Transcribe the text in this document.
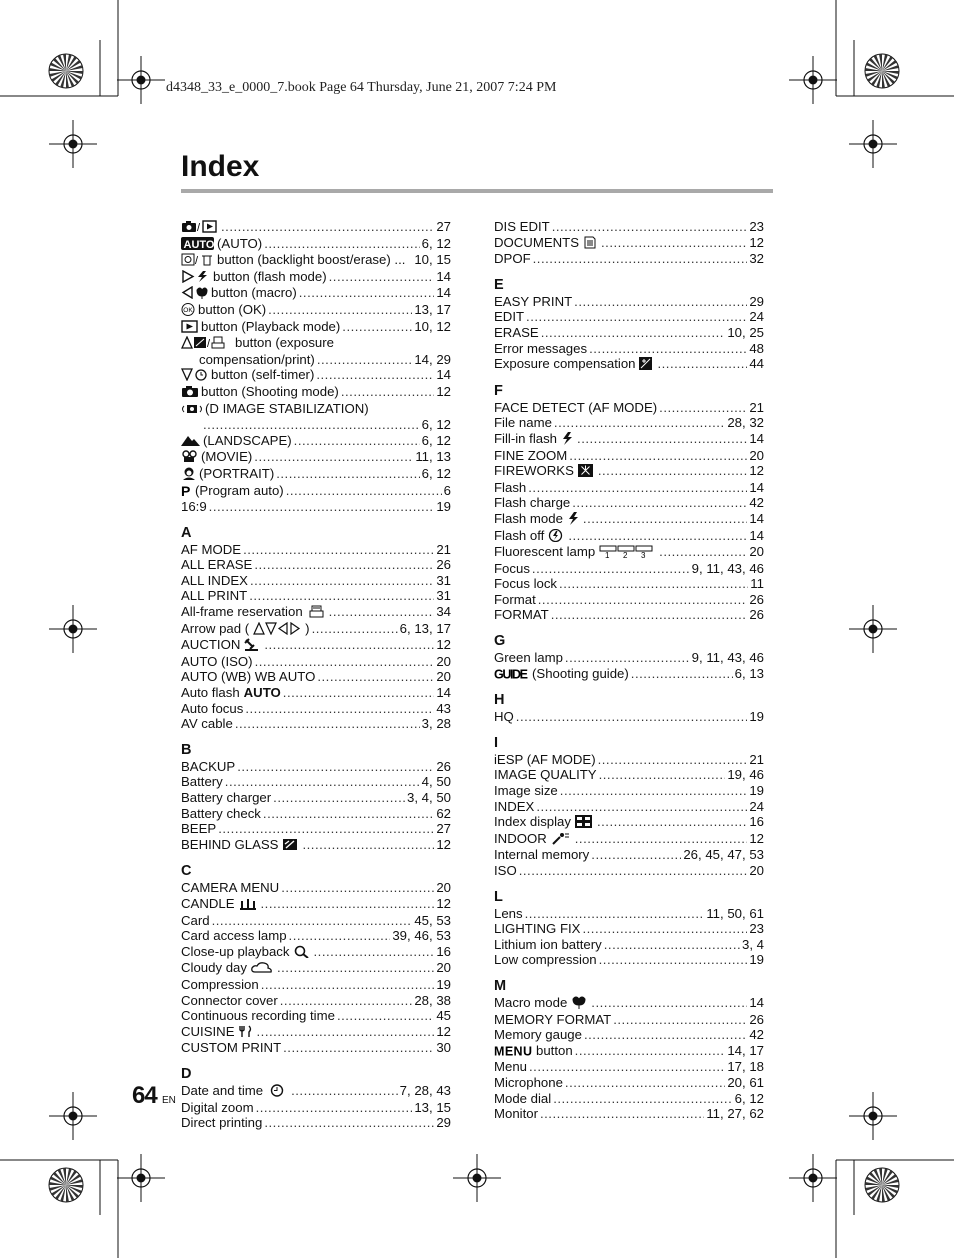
d4348_33_e_0000_7.book Page 64 Thursday, June 21, 2007 7:24 PM
Index
/ .....	27
AUTO (AUTO) .....	6, 12
/ button (backlight boost/erase) ... 10, 15
button (flash mode) .....	14
button (macro) .....	14
OK button (OK) .....	13, 17
button (Playback mode) .....	10, 12
/ button (exposure
compensation/print) .....	14, 29
button (self-timer) .....	14
button (Shooting mode) .....	12
(D IMAGE STABILIZATION)
.....
6, 12
(LANDSCAPE) .....	6, 12
(MOVIE) .....	11, 13
(PORTRAIT) .....	6, 12
P (Program auto) .....	6
16:9 .....	19
A
AF MODE .....	21
ALL ERASE .....	26
ALL INDEX .....	31
ALL PRINT .....	31
All-frame reservation .....	34
Arrow pad (	) .....	6, 13, 17
AUCTION .....	12
AUTO (ISO) .....	20
AUTO (WB) WB AUTO .....	20
Auto flash AUTO .....	14
Auto focus .....	43
AV cable .....	3, 28
B
BACKUP .....	26
Battery .....	4, 50
Battery charger .....	3, 4, 50
Battery check .....	62
BEEP .....	27
BEHIND GLASS .....	12
C
CAMERA MENU .....	20
CANDLE .....	12
Card .....	45, 53
Card access lamp .....	39, 46, 53
Close-up playback .....	16
Cloudy day .....	20
Compression .....	19
Connector cover .....	28, 38
Continuous recording time .....	45
CUISINE .....	12
CUSTOM PRINT .....	30
D
Date and time .....	7, 28, 43
Digital zoom .....	13, 15
Direct printing .....	29
DIS EDIT .....	23
DOCUMENTS .....	12
DPOF .....	32
E
EASY PRINT .....	29
EDIT .....	24
ERASE .....	10, 25
Error messages .....	48
Exposure compensation .....	44
F
FACE DETECT (AF MODE) .....	21
File name .....	28, 32
Fill-in flash .....	14
FINE ZOOM .....	20
FIREWORKS .....	12
Flash .....	14
Flash charge .....	42
Flash mode .....	14
Flash off .....	14
Fluorescent lamp 1 2 3 .....	20
Focus .....	9, 11, 43, 46
Focus lock .....	11
Format .....	26
FORMAT .....	26
G
Green lamp .....	9, 11, 43, 46
GUIDE (Shooting guide) .....	6, 13
H
HQ .....	19
I
iESP (AF MODE) .....	21
IMAGE QUALITY .....	19, 46
Image size .....	19
INDEX .....	24
Index display .....	16
INDOOR .....	12
Internal memory .....	26, 45, 47, 53
ISO .....	20
L
Lens .....	11, 50, 61
LIGHTING FIX .....	23
Lithium ion battery .....	3, 4
Low compression .....	19
M
Macro mode .....	14
MEMORY FORMAT .....	26
Memory gauge .....	42
MENU button .....	14, 17
Menu .....	17, 18
Microphone .....	20, 61
Mode dial .....	6, 12
Monitor .....	11, 27, 62
64 EN
